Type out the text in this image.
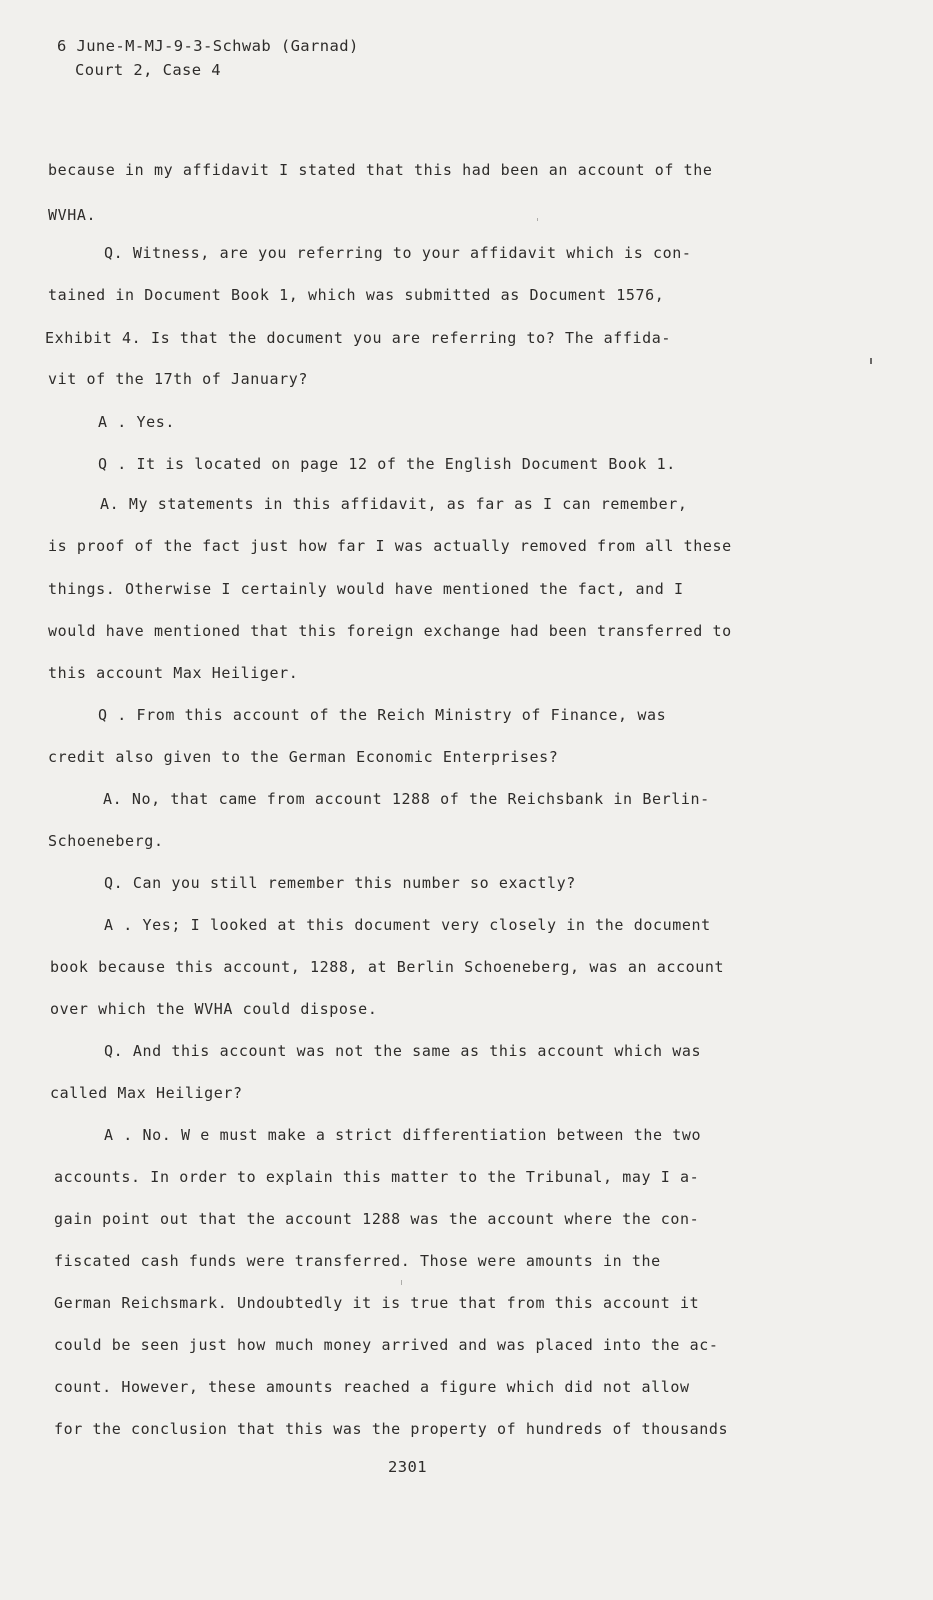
6 June-M-MJ-9-3-Schwab (Garnad)
Court 2, Case 4
because in my affidavit I stated that this had been an account of the
WVHA.
Q. Witness, are you referring to your affidavit which is con-
tained in Document Book 1, which was submitted as Document 1576,
Exhibit 4. Is that the document you are referring to? The affida-
vit of the 17th of January?
A . Yes.
Q . It is located on page 12 of the English Document Book 1.
A. My statements in this affidavit, as far as I can remember,
is proof of the fact just how far I was actually removed from all these
things. Otherwise I certainly would have mentioned the fact, and I
would have mentioned that this foreign exchange had been transferred to
this account Max Heiliger.
Q . From this account of the Reich Ministry of Finance, was
credit also given to the German Economic Enterprises?
A. No, that came from account 1288 of the Reichsbank in Berlin-
Schoeneberg.
Q. Can you still remember this number so exactly?
A . Yes; I looked at this document very closely in the document
book because this account, 1288, at Berlin Schoeneberg, was an account
over which the WVHA could dispose.
Q. And this account was not the same as this account which was
called Max Heiliger?
A . No. W e must make a strict differentiation between the two
accounts. In order to explain this matter to the Tribunal, may I a-
gain point out that the account 1288 was the account where the con-
fiscated cash funds were transferred. Those were amounts in the
German Reichsmark. Undoubtedly it is true that from this account it
could be seen just how much money arrived and was placed into the ac-
count. However, these amounts reached a figure which did not allow
for the conclusion that this was the property of hundreds of thousands
2301
